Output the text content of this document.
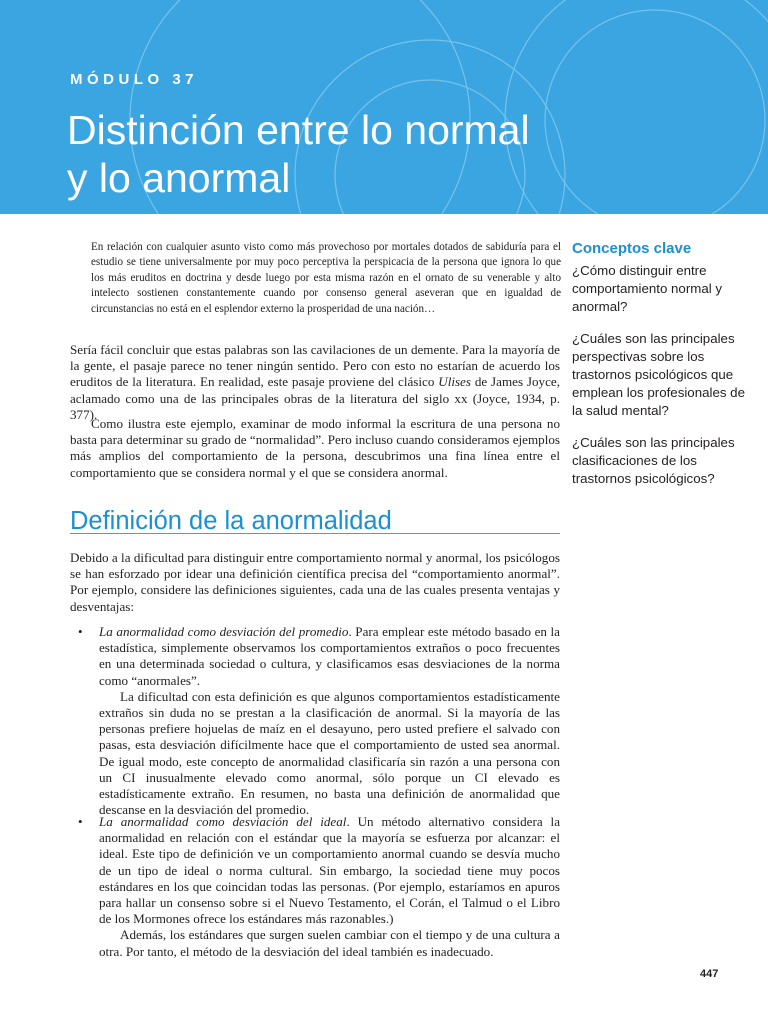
MÓDULO 37
Distinción entre lo normal
y lo anormal

En relación con cualquier asunto visto como más provechoso por mortales dotados de sabiduría para el estudio se tiene universalmente por muy poco perceptiva la perspicacia de la persona que ignora lo que los más eruditos en doctrina y desde luego por esta misma razón en el ornato de su venerable y alto intelecto sostienen constantemente cuando por consenso general aseveran que en igualdad de circunstancias no está en el esplendor externo la prosperidad de una nación…

Conceptos clave

¿Cómo distinguir entre comportamiento normal y anormal?

¿Cuáles son las principales perspectivas sobre los trastornos psicológicos que emplean los profesionales de la salud mental?

¿Cuáles son las principales clasificaciones de los trastornos psicológicos?

Sería fácil concluir que estas palabras son las cavilaciones de un demente. Para la mayoría de la gente, el pasaje parece no tener ningún sentido. Pero con esto no estarían de acuerdo los eruditos de la literatura. En realidad, este pasaje proviene del clásico Ulises de James Joyce, aclamado como una de las principales obras de la literatura del siglo xx (Joyce, 1934, p. 377).

Como ilustra este ejemplo, examinar de modo informal la escritura de una persona no basta para determinar su grado de “normalidad”. Pero incluso cuando consideramos ejemplos más amplios del comportamiento de la persona, descubrimos una fina línea entre el comportamiento que se considera normal y el que se considera anormal.

Definición de la anormalidad

Debido a la dificultad para distinguir entre comportamiento normal y anormal, los psicólogos se han esforzado por idear una definición científica precisa del “comportamiento anormal”. Por ejemplo, considere las definiciones siguientes, cada una de las cuales presenta ventajas y desventajas:

• La anormalidad como desviación del promedio. Para emplear este método basado en la estadística, simplemente observamos los comportamientos extraños o poco frecuentes en una determinada sociedad o cultura, y clasificamos esas desviaciones de la norma como “anormales”.

La dificultad con esta definición es que algunos comportamientos estadísticamente extraños sin duda no se prestan a la clasificación de anormal. Si la mayoría de las personas prefiere hojuelas de maíz en el desayuno, pero usted prefiere el salvado con pasas, esta desviación difícilmente hace que el comportamiento de usted sea anormal. De igual modo, este concepto de anormalidad clasificaría sin razón a una persona con un CI inusualmente elevado como anormal, sólo porque un CI elevado es estadísticamente extraño. En resumen, no basta una definición de anormalidad que descanse en la desviación del promedio.

• La anormalidad como desviación del ideal. Un método alternativo considera la anormalidad en relación con el estándar que la mayoría se esfuerza por alcanzar: el ideal. Este tipo de definición ve un comportamiento anormal cuando se desvía mucho de un tipo de ideal o norma cultural. Sin embargo, la sociedad tiene muy pocos estándares en los que coincidan todas las personas. (Por ejemplo, estaríamos en apuros para hallar un consenso sobre si el Nuevo Testamento, el Corán, el Talmud o el Libro de los Mormones ofrece los estándares más razonables.)

Además, los estándares que surgen suelen cambiar con el tiempo y de una cultura a otra. Por tanto, el método de la desviación del ideal también es inadecuado.

447
